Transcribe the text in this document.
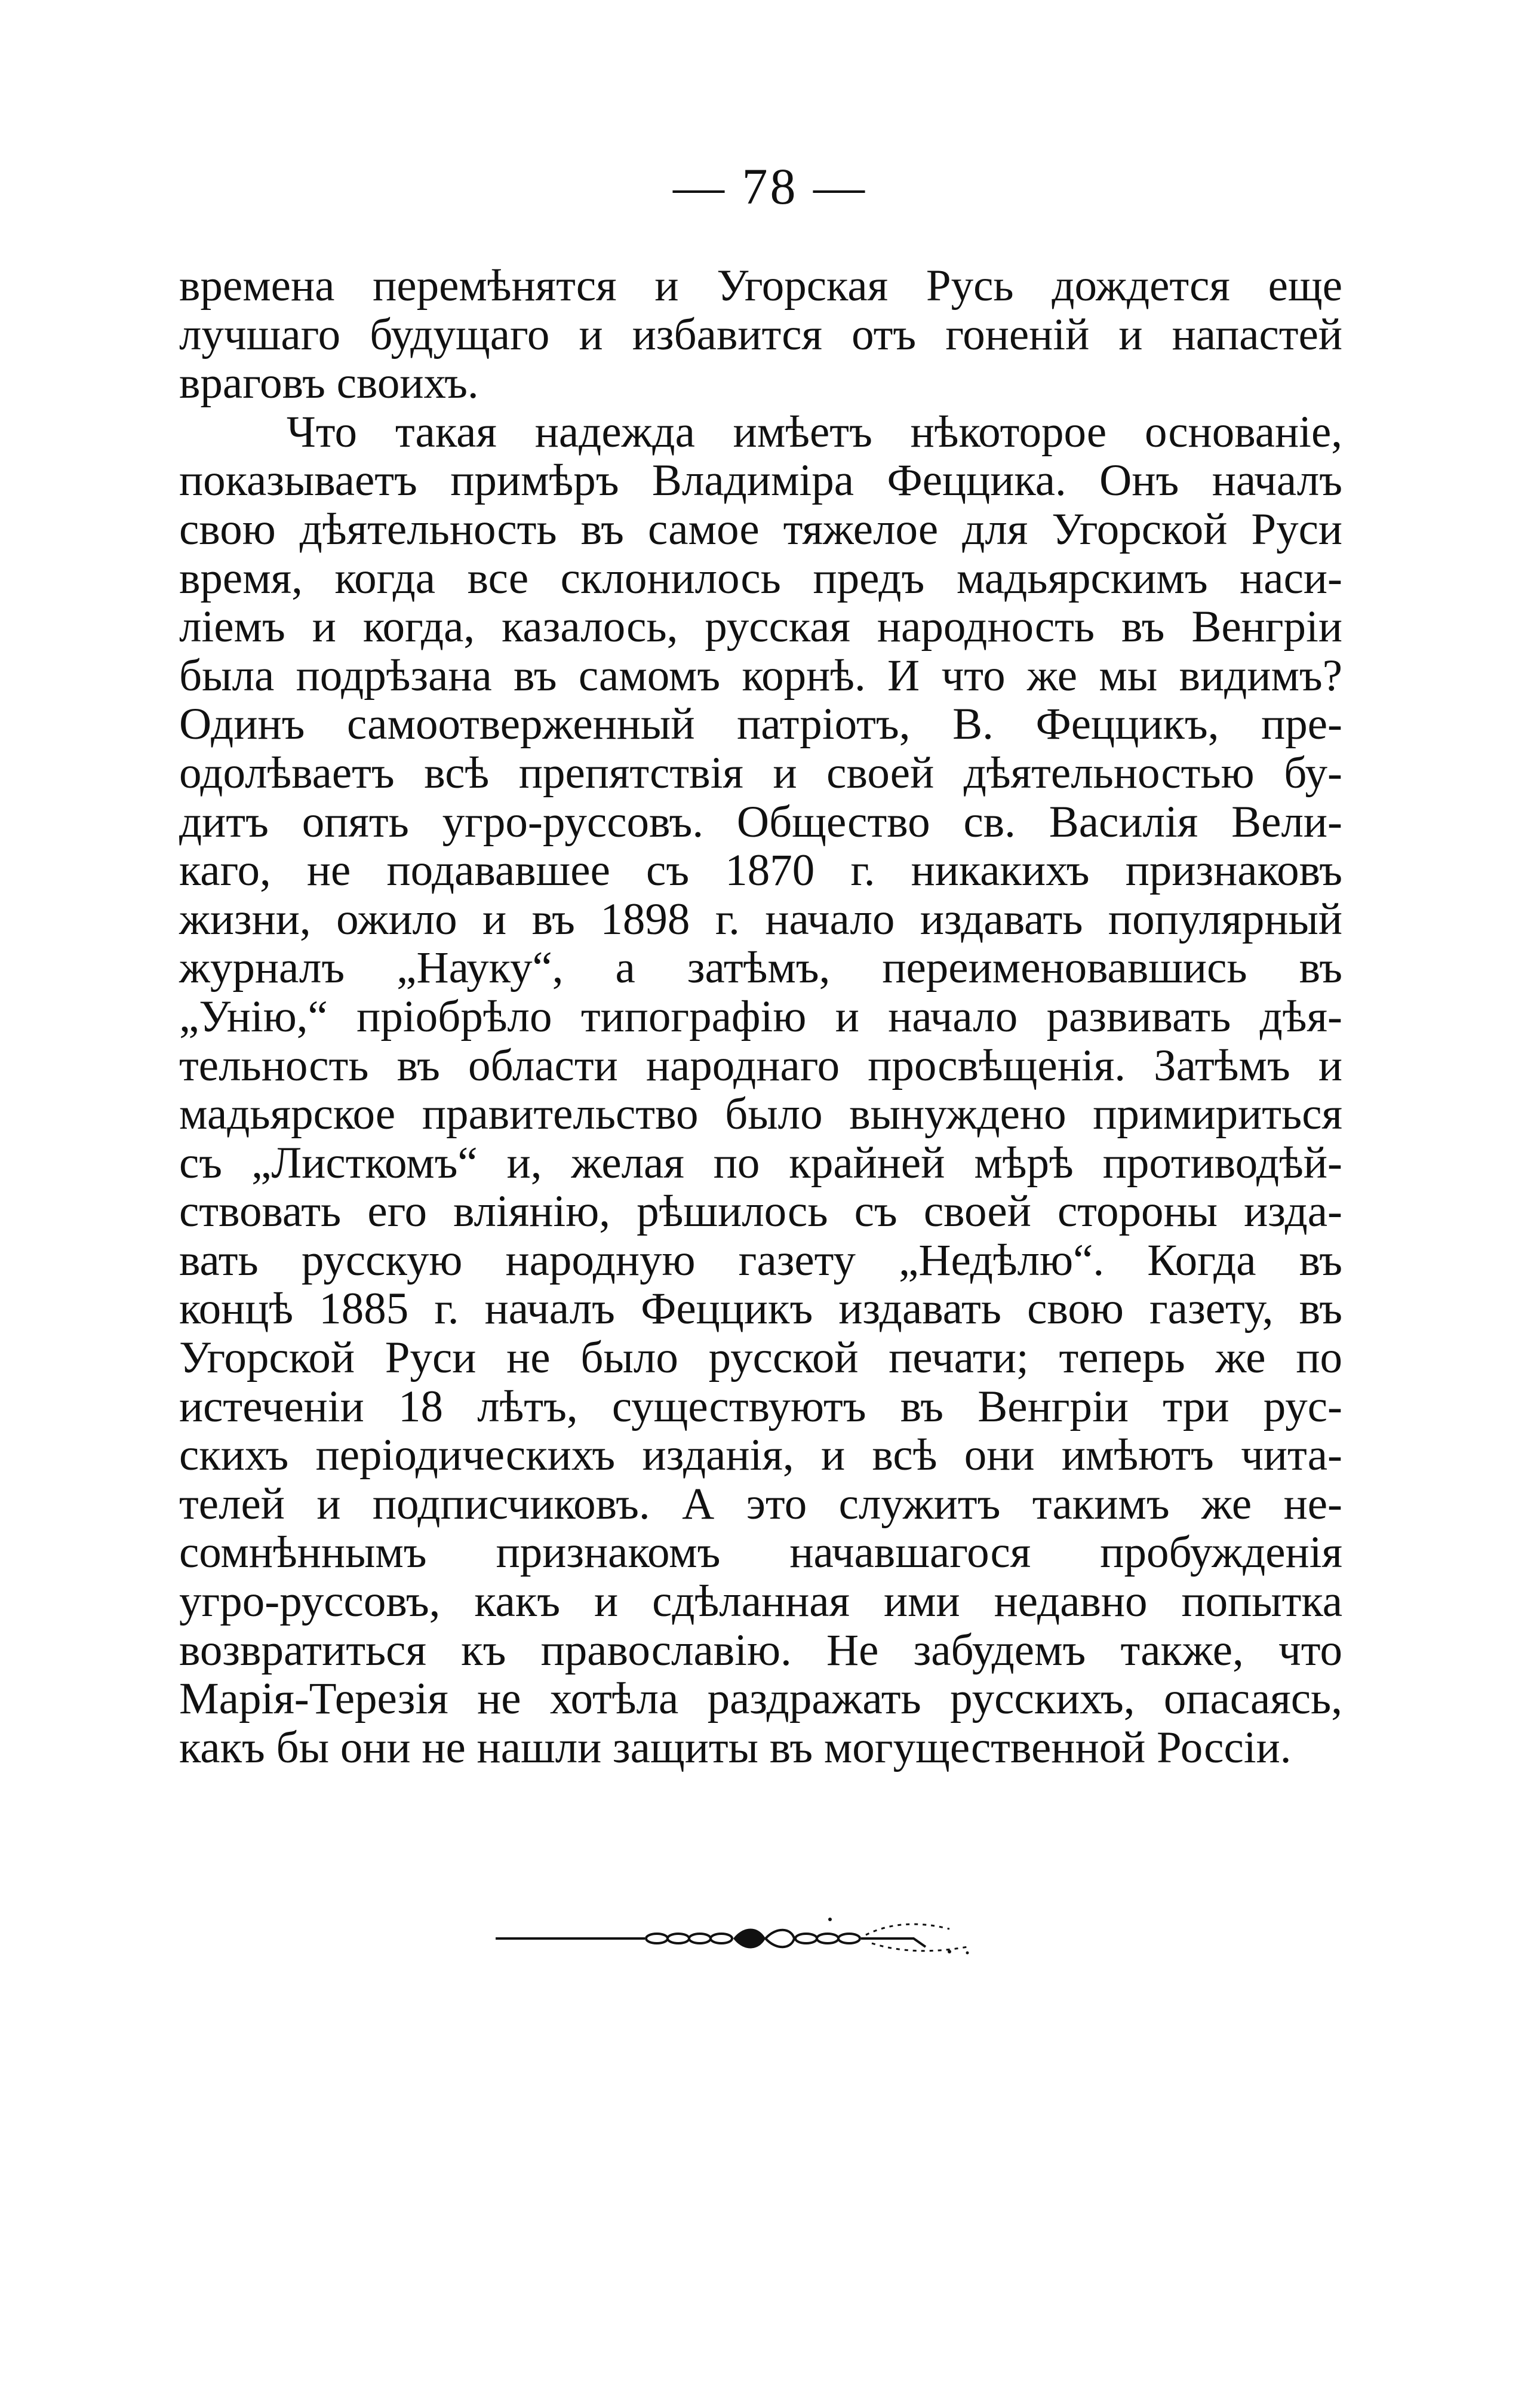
— 78 —
времена перемѣнятся и Угорская Русь дождется еще
лучшаго будущаго и избавится отъ гоненій и напастей
враговъ своихъ.
Что такая надежда имѣетъ нѣкоторое основаніе,
показываетъ примѣръ Владиміра Феццика. Онъ началъ
свою дѣятельность въ самое тяжелое для Угорской Руси
время, когда все склонилось предъ мадьярскимъ наси-
ліемъ и когда, казалось, русская народность въ Венгріи
была подрѣзана въ самомъ корнѣ. И что же мы видимъ?
Одинъ самоотверженный патріотъ, В. Феццикъ, пре-
одолѣваетъ всѣ препятствія и своей дѣятельностью бу-
дитъ опять угро-руссовъ. Общество св. Василія Вели-
каго, не подававшее съ 1870 г. никакихъ признаковъ
жизни, ожило и въ 1898 г. начало издавать популярный
журналъ „Науку“, а затѣмъ, переименовавшись въ
„Унію,“ пріобрѣло типографію и начало развивать дѣя-
тельность въ области народнаго просвѣщенія. Затѣмъ и
мадьярское правительство было вынуждено примириться
съ „Листкомъ“ и, желая по крайней мѣрѣ противодѣй-
ствовать его вліянію, рѣшилось съ своей стороны изда-
вать русскую народную газету „Недѣлю“. Когда въ
концѣ 1885 г. началъ Феццикъ издавать свою газету, въ
Угорской Руси не было русской печати; теперь же по
истеченіи 18 лѣтъ, существуютъ въ Венгріи три рус-
скихъ періодическихъ изданія, и всѣ они имѣютъ чита-
телей и подписчиковъ. А это служитъ такимъ же не-
сомнѣннымъ признакомъ начавшагося пробужденія
угро-руссовъ, какъ и сдѣланная ими недавно попытка
возвратиться къ православію. Не забудемъ также, что
Марія-Терезія не хотѣла раздражать русскихъ, опасаясь,
какъ бы они не нашли защиты въ могущественной Россіи.
